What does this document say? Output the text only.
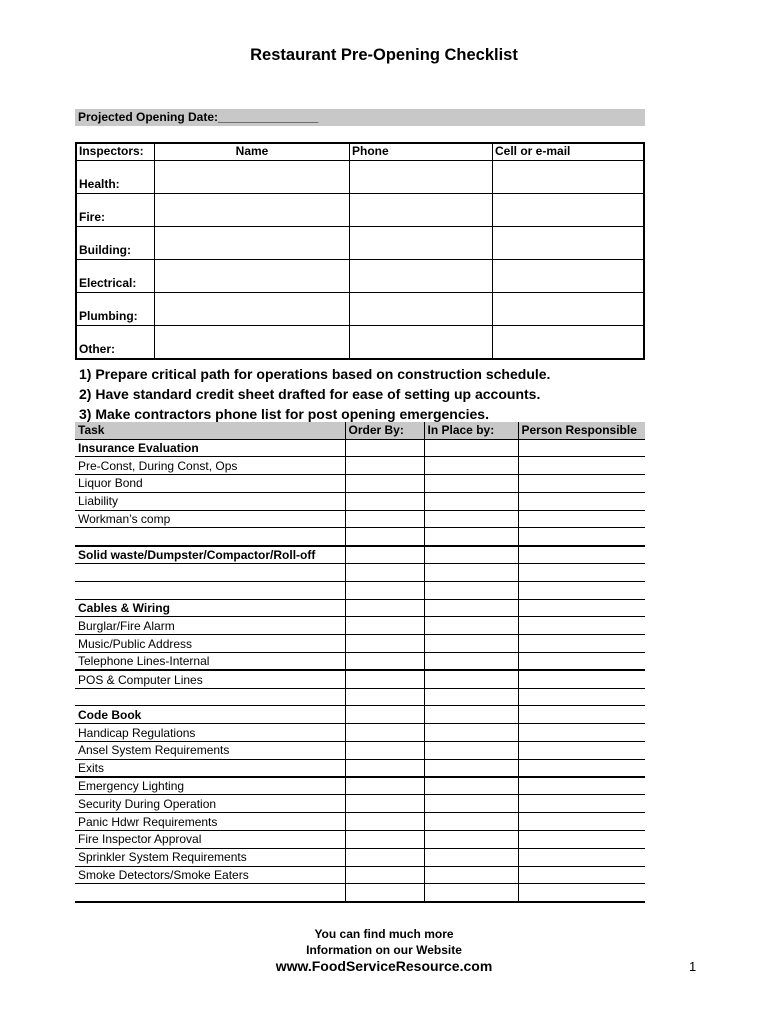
Restaurant Pre-Opening Checklist
Projected Opening Date:_______________
Inspectors:	Name	Phone	Cell or e-mail
Health:			
Fire:			
Building:			
Electrical:			
Plumbing:			
Other:			
1) Prepare critical path for operations based on construction schedule.
2) Have standard credit sheet drafted for ease of setting up accounts.
3) Make contractors phone list for post opening emergencies.
Task	Order By:	In Place by:	Person Responsible
Insurance Evaluation			
Pre-Const, During Const, Ops			
Liquor Bond			
Liability			
Workman’s comp			

Solid waste/Dumpster/Compactor/Roll-off			

Cables & Wiring			
Burglar/Fire Alarm			
Music/Public Address			
Telephone Lines-Internal			
POS & Computer Lines			

Code Book			
Handicap Regulations			
Ansel System Requirements			
Exits			
Emergency Lighting			
Security During Operation			
Panic Hdwr Requirements			
Fire Inspector Approval			
Sprinkler System Requirements			
Smoke Detectors/Smoke Eaters			

You can find much more
Information on our Website
www.FoodServiceResource.com	1
